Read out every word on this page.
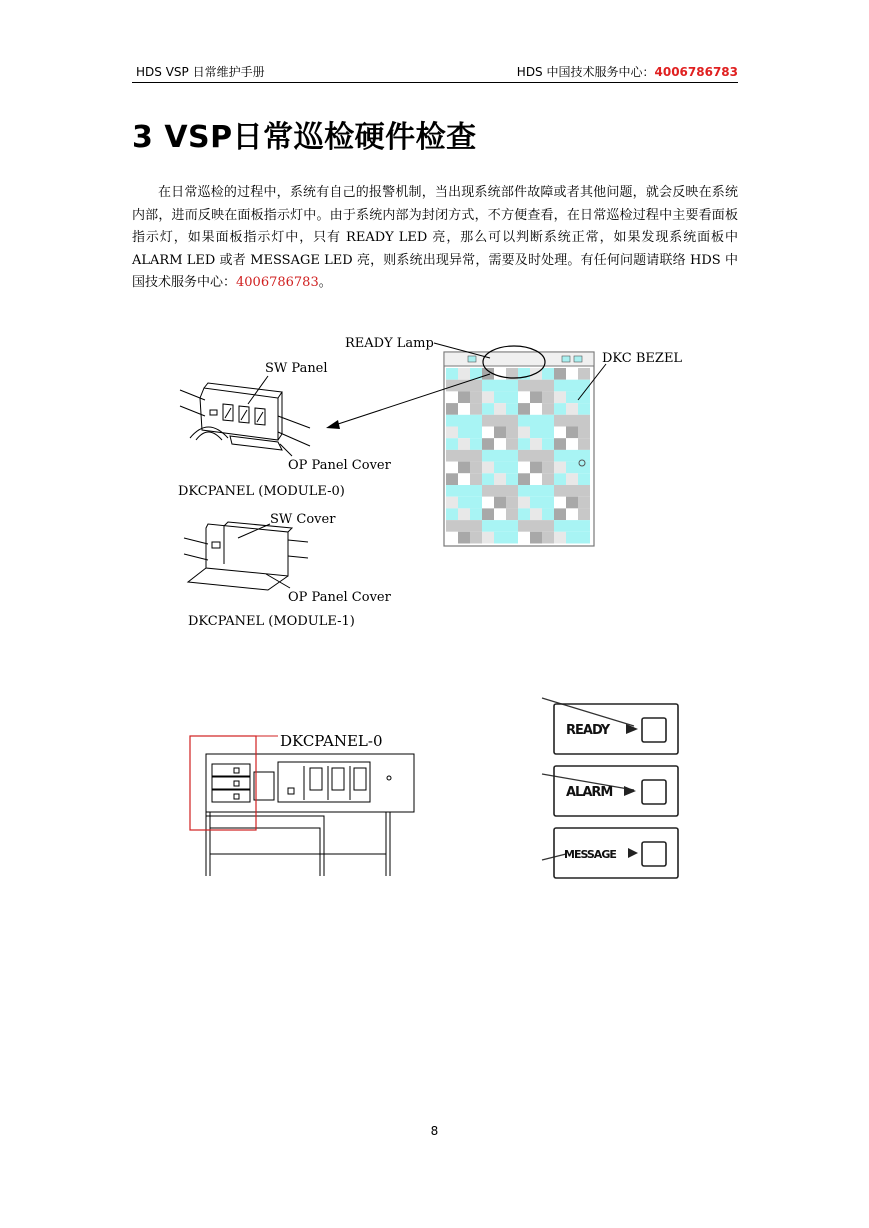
HDS VSP 日常维护手册	HDS 中国技术服务中心：4006786783
3 VSP日常巡检硬件检查

在日常巡检的过程中，系统有自己的报警机制，当出现系统部件故障或者其他问题，就会反映在系统内部，进而反映在面板指示灯中。由于系统内部为封闭方式，不方便查看，在日常巡检过程中主要看面板指示灯，如果面板指示灯中，只有 READY LED 亮，那么可以判断系统正常，如果发现系统面板中 ALARM LED 或者 MESSAGE LED 亮，则系统出现异常，需要及时处理。有任何问题请联络 HDS 中国技术服务中心：4006786783。

READY Lamp
DKC BEZEL
SW Panel
OP Panel Cover
DKCPANEL (MODULE-0)
SW Cover
OP Panel Cover
DKCPANEL (MODULE-1)
DKCPANEL-0
READY
ALARM
MESSAGE
8
